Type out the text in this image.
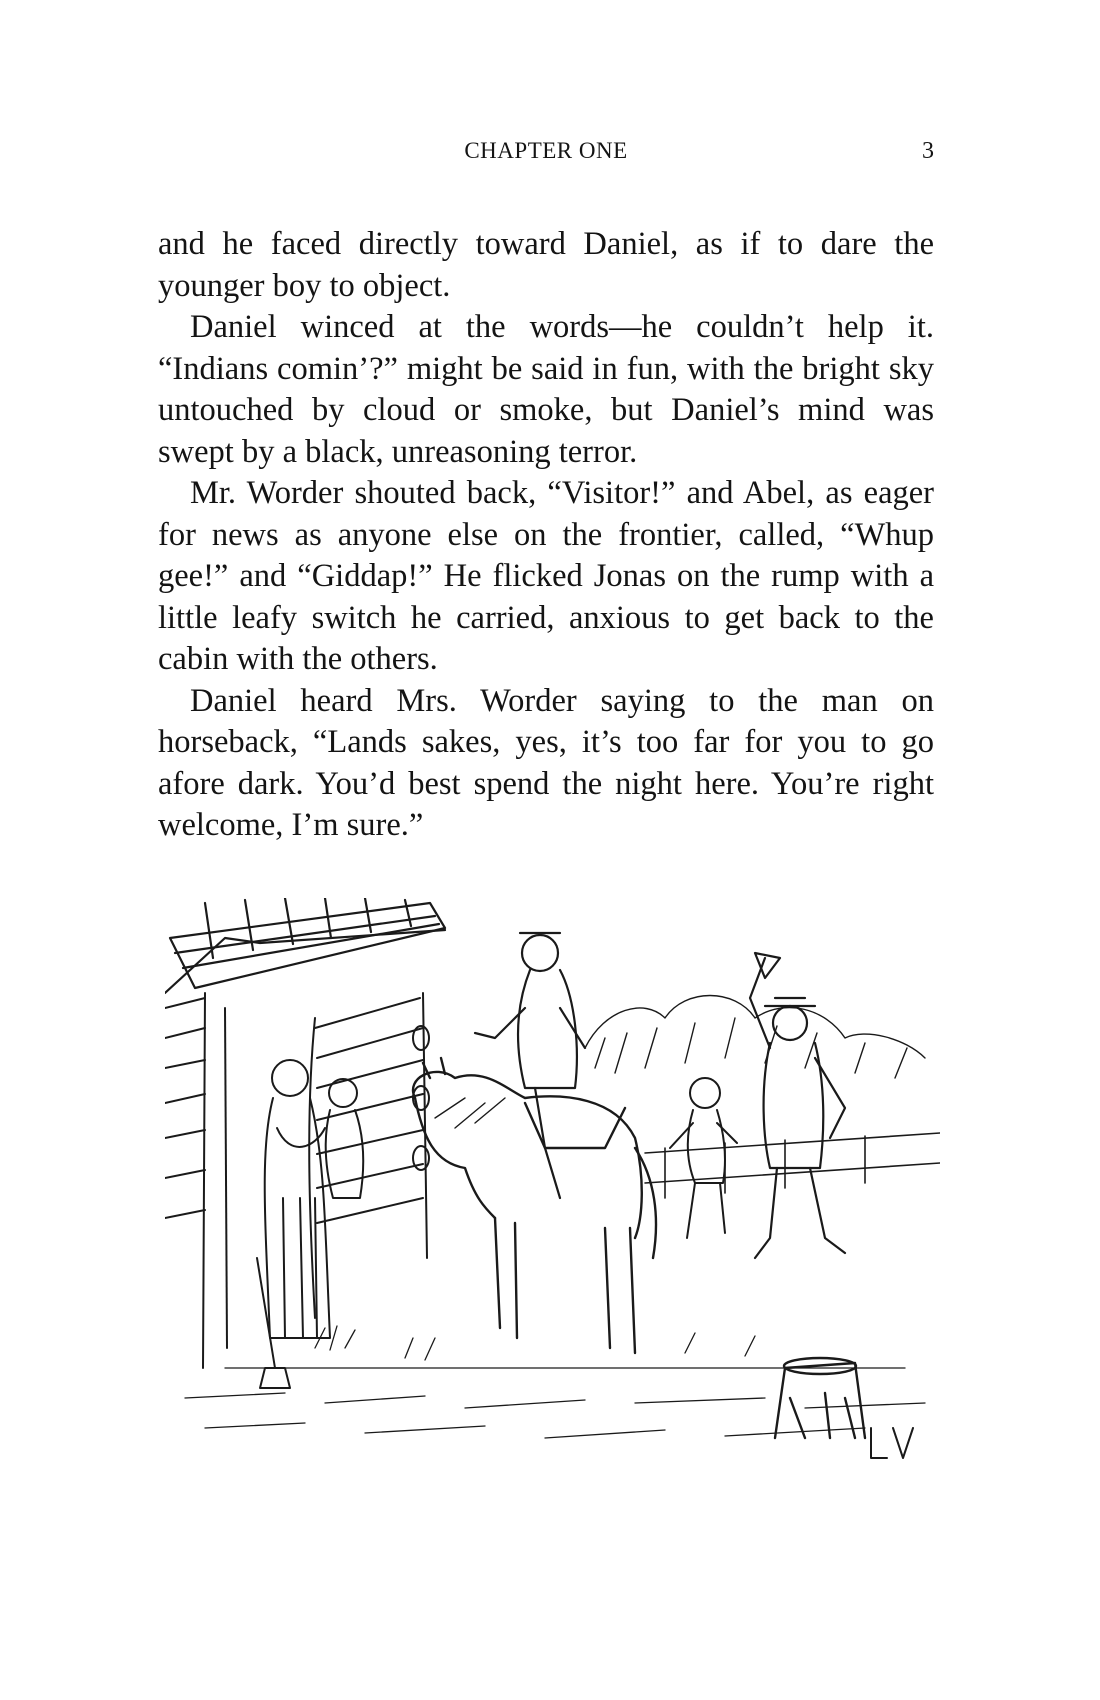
CHAPTER ONE	3

and he faced directly toward Daniel, as if to dare the younger boy to object.

Daniel winced at the words—he couldn’t help it. “Indians comin’?” might be said in fun, with the bright sky untouched by cloud or smoke, but Daniel’s mind was swept by a black, unreasoning terror.

Mr. Worder shouted back, “Visitor!” and Abel, as eager for news as anyone else on the frontier, called, “Whup gee!” and “Giddap!” He flicked Jonas on the rump with a little leafy switch he carried, anxious to get back to the cabin with the others.

Daniel heard Mrs. Worder saying to the man on horseback, “Lands sakes, yes, it’s too far for you to go afore dark. You’d best spend the night here. You’re right welcome, I’m sure.”
